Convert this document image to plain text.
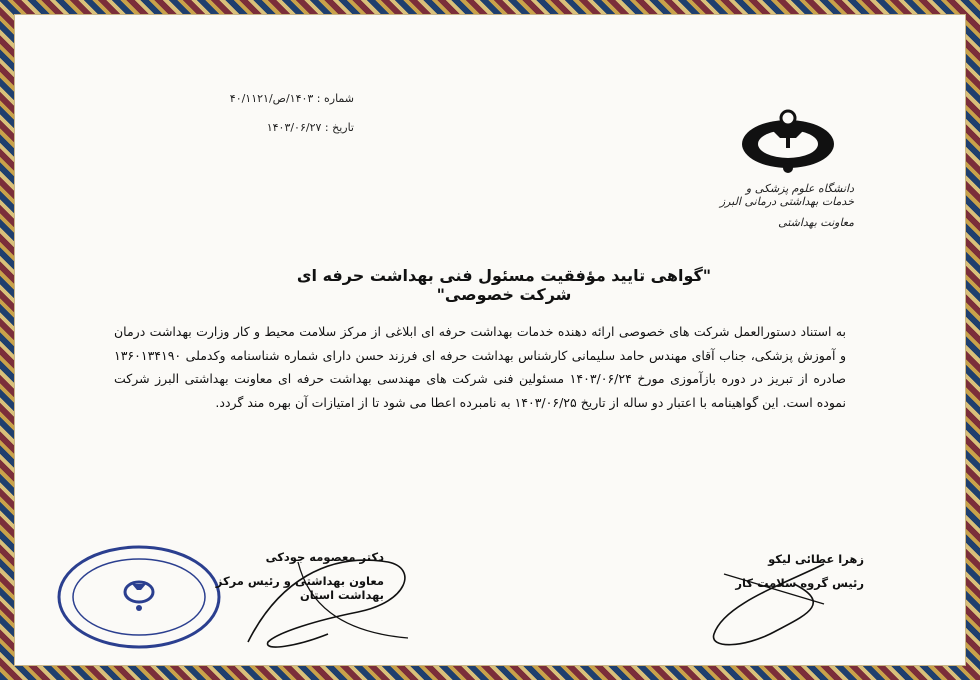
شماره : ۱۴۰۳/ص/۴۰/۱۱۲۱
تاریخ : ۱۴۰۳/۰۶/۲۷
دانشگاه علوم پزشکی و خدمات بهداشتی درمانی البرز
معاونت بهداشتی
"گواهی تایید مؤفقیت مسئول فنی بهداشت حرفه ای شرکت خصوصی"
به استناد دستورالعمل شرکت های خصوصی ارائه دهنده خدمات بهداشت حرفه ای ابلاغی از مرکز سلامت محیط و کار وزارت بهداشت درمان و آموزش پزشکی، جناب آقای مهندس حامد سلیمانی کارشناس بهداشت حرفه ای فرزند حسن دارای شماره شناسنامه وکدملی ۱۳۶۰۱۳۴۱۹۰ صادره از تبریز در دوره بازآموزی مورخ ۱۴۰۳/۰۶/۲۴ مسئولین فنی شرکت های مهندسی بهداشت حرفه ای معاونت بهداشتی البرز شرکت نموده است. این گواهینامه با اعتبار دو ساله از تاریخ ۱۴۰۳/۰۶/۲۵ به نامبرده اعطا می شود تا از امتیازات آن بهره مند گردد.
دکتر معصومه جودکی
معاون بهداشتی و رئیس مرکز بهداشت استان
زهرا عطائی لیکو
رئیس گروه سلامت کار
